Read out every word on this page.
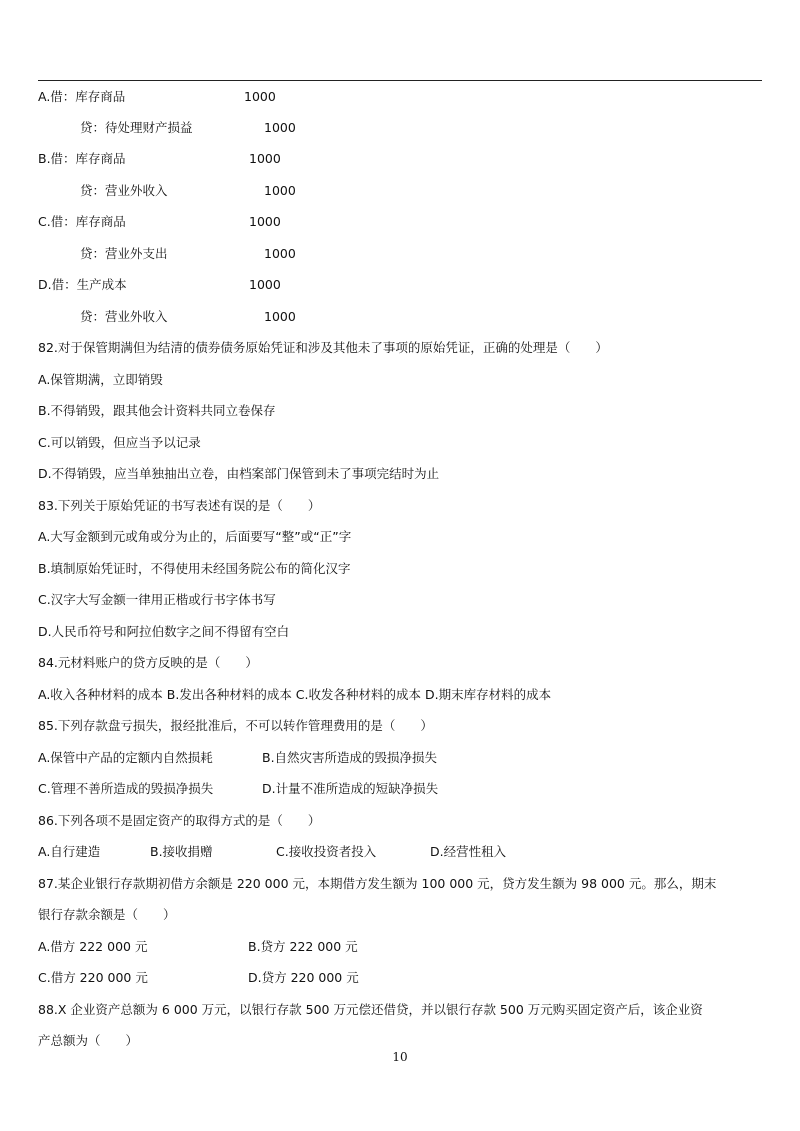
A.借：库存商品	1000
贷：待处理财产损益	1000
B.借：库存商品	1000
贷：营业外收入	1000
C.借：库存商品	1000
贷：营业外支出	1000
D.借：生产成本	1000
贷：营业外收入	1000
82.对于保管期满但为结清的债券债务原始凭证和涉及其他未了事项的原始凭证，正确的处理是（　　）
A.保管期满，立即销毁
B.不得销毁，跟其他会计资料共同立卷保存
C.可以销毁，但应当予以记录
D.不得销毁，应当单独抽出立卷，由档案部门保管到未了事项完结时为止
83.下列关于原始凭证的书写表述有误的是（　　）
A.大写金额到元或角或分为止的，后面要写“整”或“正”字
B.填制原始凭证时，不得使用未经国务院公布的简化汉字
C.汉字大写金额一律用正楷或行书字体书写
D.人民币符号和阿拉伯数字之间不得留有空白
84.元材料账户的贷方反映的是（　　）
A.收入各种材料的成本 B.发出各种材料的成本 C.收发各种材料的成本 D.期末库存材料的成本
85.下列存款盘亏损失，报经批准后，不可以转作管理费用的是（　　）
A.保管中产品的定额内自然损耗	B.自然灾害所造成的毁损净损失
C.管理不善所造成的毁损净损失	D.计量不准所造成的短缺净损失
86.下列各项不是固定资产的取得方式的是（　　）
A.自行建造	B.接收捐赠	C.接收投资者投入	D.经营性租入
87.某企业银行存款期初借方余额是 220 000 元，本期借方发生额为 100 000 元，贷方发生额为 98 000 元。那么，期末
银行存款余额是（　　）
A.借方 222 000 元	B.贷方 222 000 元
C.借方 220 000 元	D.贷方 220 000 元
88.X 企业资产总额为 6 000 万元，以银行存款 500 万元偿还借贷，并以银行存款 500 万元购买固定资产后，该企业资
产总额为（　　）
10
